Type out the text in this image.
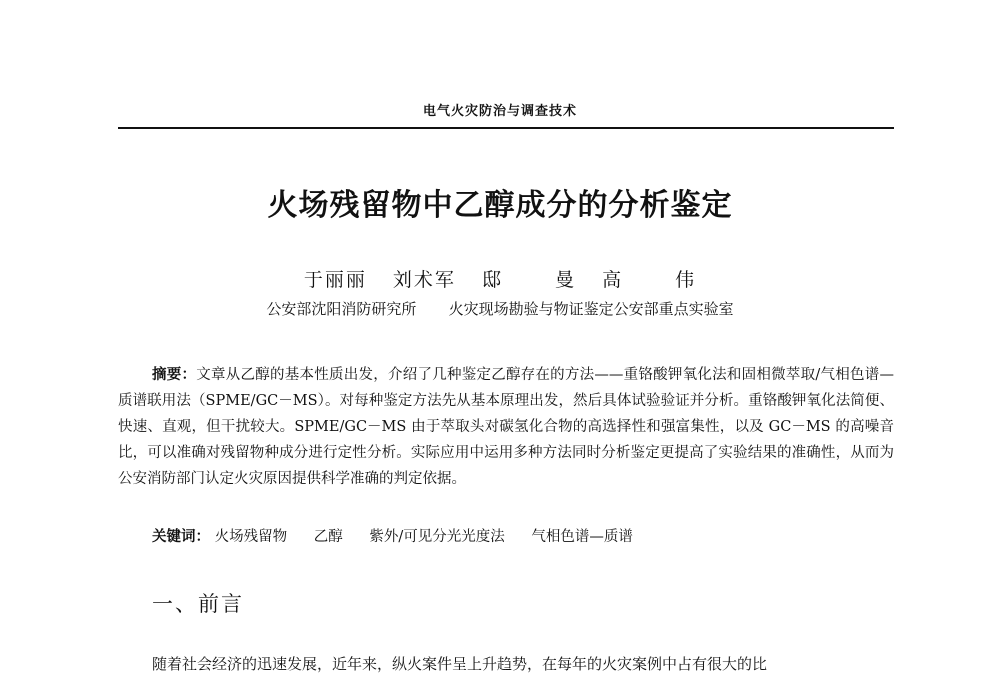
电气火灾防治与调查技术
火场残留物中乙醇成分的分析鉴定
于丽丽 刘术军 邸  曼 高  伟
公安部沈阳消防研究所   火灾现场勘验与物证鉴定公安部重点实验室

摘要：文章从乙醇的基本性质出发，介绍了几种鉴定乙醇存在的方法——重铬酸钾氧化法和固相微萃取/气相色谱—质谱联用法（SPME/GC－MS）。对每种鉴定方法先从基本原理出发，然后具体试验验证并分析。重铬酸钾氧化法简便、快速、直观，但干扰较大。SPME/GC－MS 由于萃取头对碳氢化合物的高选择性和强富集性，以及 GC－MS 的高噪音比，可以准确对残留物种成分进行定性分析。实际应用中运用多种方法同时分析鉴定更提高了实验结果的准确性，从而为公安消防部门认定火灾原因提供科学准确的判定依据。

关键词： 火场残留物 乙醇 紫外/可见分光光度法 气相色谱—质谱
一、前言
随着社会经济的迅速发展，近年来，纵火案件呈上升趋势，在每年的火灾案例中占有很大的比
